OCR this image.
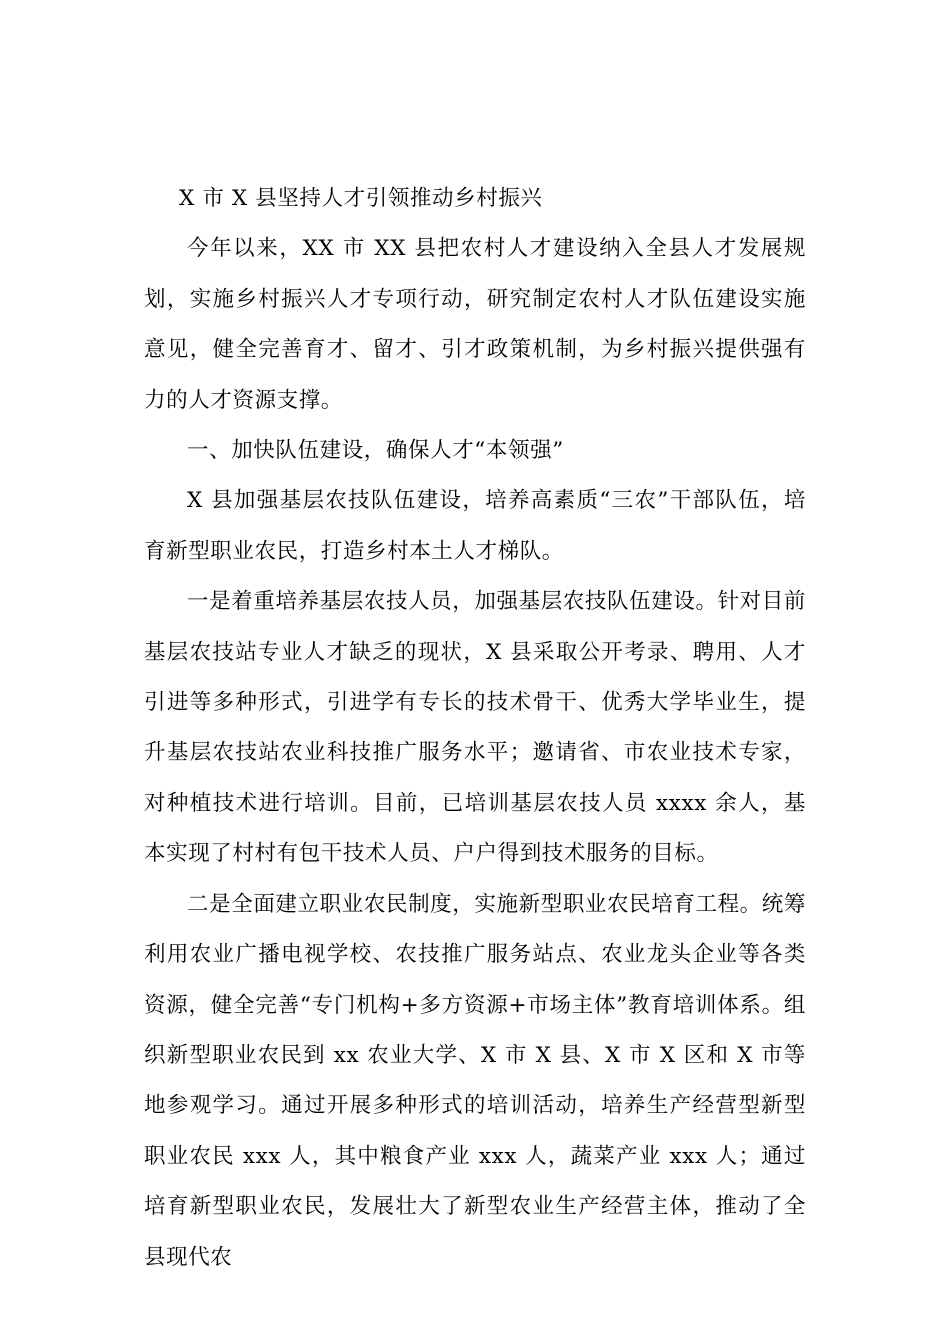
X 市 X 县坚持人才引领推动乡村振兴

今年以来，XX 市 XX 县把农村人才建设纳入全县人才发展规划，实施乡村振兴人才专项行动，研究制定农村人才队伍建设实施意见，健全完善育才、留才、引才政策机制，为乡村振兴提供强有力的人才资源支撑。

一、加快队伍建设，确保人才“本领强”

X 县加强基层农技队伍建设，培养高素质“三农”干部队伍，培育新型职业农民，打造乡村本土人才梯队。

一是着重培养基层农技人员，加强基层农技队伍建设。针对目前基层农技站专业人才缺乏的现状，X 县采取公开考录、聘用、人才引进等多种形式，引进学有专长的技术骨干、优秀大学毕业生，提升基层农技站农业科技推广服务水平；邀请省、市农业技术专家，对种植技术进行培训。目前，已培训基层农技人员 xxxx 余人，基本实现了村村有包干技术人员、户户得到技术服务的目标。

二是全面建立职业农民制度，实施新型职业农民培育工程。统筹利用农业广播电视学校、农技推广服务站点、农业龙头企业等各类资源，健全完善“专门机构+多方资源+市场主体”教育培训体系。组织新型职业农民到 xx 农业大学、X 市 X 县、X 市 X 区和 X 市等地参观学习。通过开展多种形式的培训活动，培养生产经营型新型职业农民 xxx 人，其中粮食产业 xxx 人，蔬菜产业 xxx 人；通过培育新型职业农民，发展壮大了新型农业生产经营主体，推动了全县现代农
